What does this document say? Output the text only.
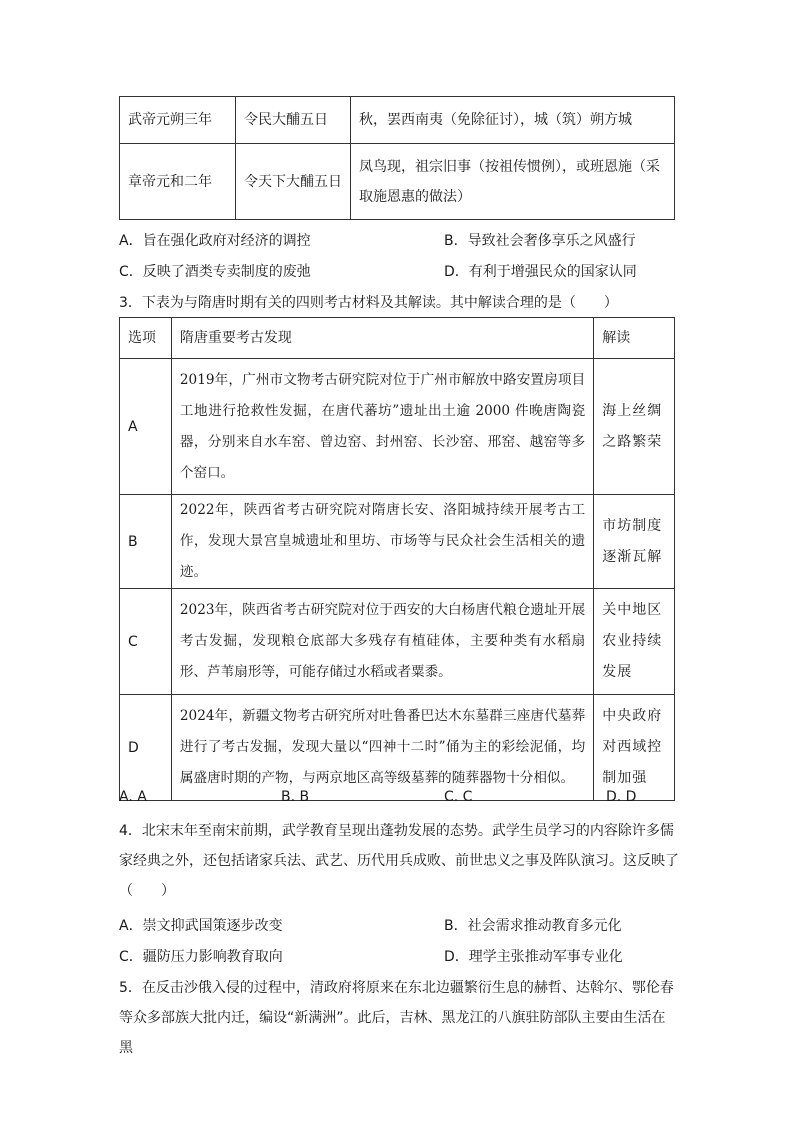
武帝元朔三年	令民大酺五日	秋，罢西南夷（免除征讨），城（筑）朔方城
章帝元和二年	令天下大酺五日	凤鸟现，祖宗旧事（按祖传惯例），或班恩施（采取施恩惠的做法）
A．旨在强化政府对经济的调控	B．导致社会奢侈享乐之风盛行
C．反映了酒类专卖制度的废弛	D．有利于增强民众的国家认同
3．下表为与隋唐时期有关的四则考古材料及其解读。其中解读合理的是（　　）
选项	隋唐重要考古发现	解读
A	2019年，广州市文物考古研究院对位于广州市解放中路安置房项目工地进行抢救性发掘，在唐代蕃坊”遗址出土逾 2000 件晚唐陶瓷器，分别来自水车窑、曾边窑、封州窑、长沙窑、邢窑、越窑等多个窑口。	海上丝绸之路繁荣
B	2022年，陕西省考古研究院对隋唐长安、洛阳城持续开展考古工作，发现大景宫皇城遗址和里坊、市场等与民众社会生活相关的遗迹。	市坊制度逐渐瓦解
C	2023年，陕西省考古研究院对位于西安的大白杨唐代粮仓遗址开展考古发掘，发现粮仓底部大多残存有植硅体，主要种类有水稻扇形、芦苇扇形等，可能存储过水稻或者粟黍。	关中地区农业持续发展
D	2024年，新疆文物考古研究所对吐鲁番巴达木东墓群三座唐代墓葬进行了考古发掘，发现大量以“四神十二时”俑为主的彩绘泥俑，均属盛唐时期的产物，与两京地区高等级墓葬的随葬器物十分相似。	中央政府对西域控制加强
A. A	B. B	C. C	D. D
4．北宋末年至南宋前期，武学教育呈现出蓬勃发展的态势。武学生员学习的内容除许多儒家经典之外，还包括诸家兵法、武艺、历代用兵成败、前世忠义之事及阵队演习。这反映了（　　）
A．崇文抑武国策逐步改变	B．社会需求推动教育多元化
C．疆防压力影响教育取向	D．理学主张推动军事专业化
5．在反击沙俄入侵的过程中，清政府将原来在东北边疆繁衍生息的赫哲、达斡尔、鄂伦春等众多部族大批内迁，编设“新满洲”。此后，吉林、黑龙江的八旗驻防部队主要由生活在黑
